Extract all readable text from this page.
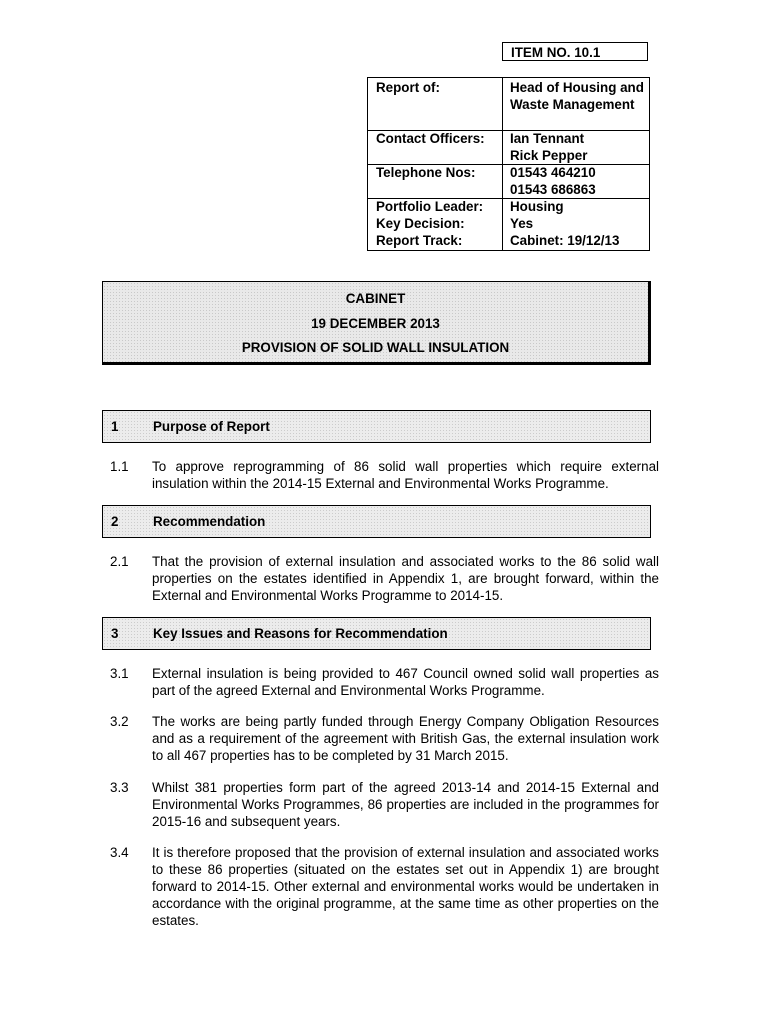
ITEM NO. 10.1
Report of:	Head of Housing and Waste Management
Contact Officers: Ian Tennant
Rick Pepper
Telephone Nos:	01543 464210
01543 686863
Portfolio Leader: Housing
Key Decision:	Yes
Report Track:	Cabinet: 19/12/13
CABINET
19 DECEMBER 2013
PROVISION OF SOLID WALL INSULATION
1	Purpose of Report
1.1 To approve reprogramming of 86 solid wall properties which require external insulation within the 2014-15 External and Environmental Works Programme.
2	Recommendation
2.1 That the provision of external insulation and associated works to the 86 solid wall properties on the estates identified in Appendix 1, are brought forward, within the External and Environmental Works Programme to 2014-15.
3	Key Issues and Reasons for Recommendation
3.1 External insulation is being provided to 467 Council owned solid wall properties as part of the agreed External and Environmental Works Programme.
3.2 The works are being partly funded through Energy Company Obligation Resources and as a requirement of the agreement with British Gas, the external insulation work to all 467 properties has to be completed by 31 March 2015.
3.3 Whilst 381 properties form part of the agreed 2013-14 and 2014-15 External and Environmental Works Programmes, 86 properties are included in the programmes for 2015-16 and subsequent years.
3.4 It is therefore proposed that the provision of external insulation and associated works to these 86 properties (situated on the estates set out in Appendix 1) are brought forward to 2014-15. Other external and environmental works would be undertaken in accordance with the original programme, at the same time as other properties on the estates.
